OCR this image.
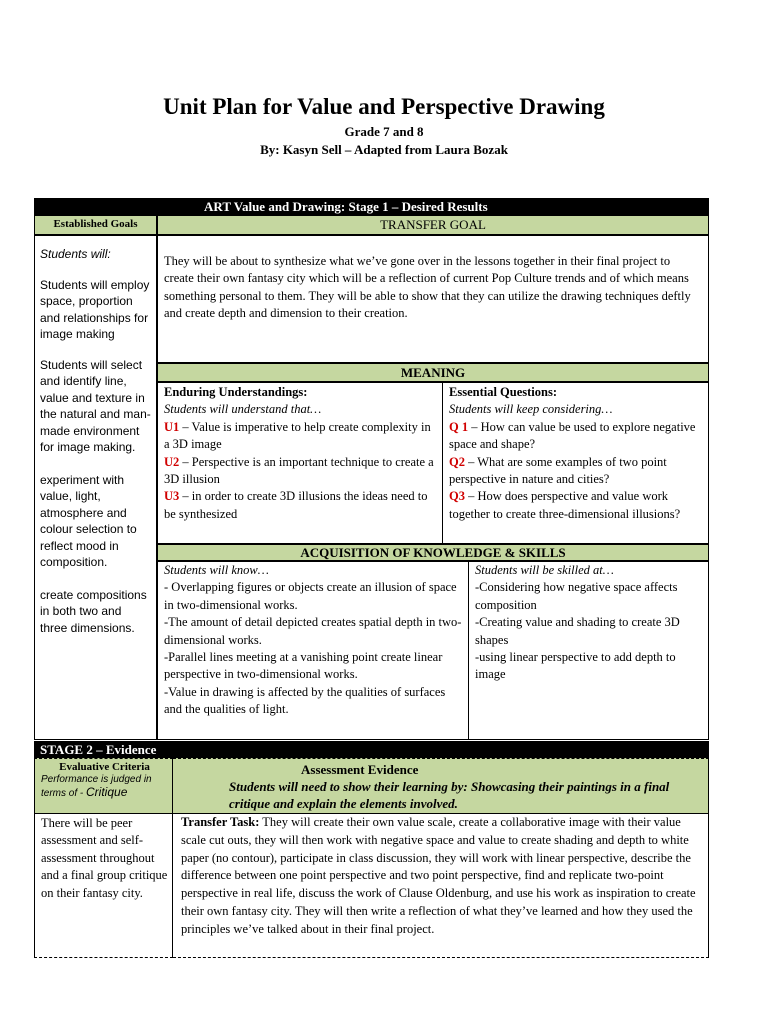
Unit Plan for Value and Perspective Drawing
Grade 7 and 8
By: Kasyn Sell – Adapted from Laura Bozak
ART Value and Drawing: Stage 1 – Desired Results
Established Goals

Students will:

Students will employ space, proportion and relationships for image making

Students will select and identify line, value and texture in the natural and man- made environment for image making.

experiment with value, light, atmosphere and colour selection to reflect mood in composition.

create compositions in both two and three dimensions.

TRANSFER GOAL

They will be about to synthesize what we’ve gone over in the lessons together in their final project to create their own fantasy city which will be a reflection of current Pop Culture trends and of which means something personal to them. They will be able to show that they can utilize the drawing techniques deftly and create depth and dimension to their creation.

MEANING

Enduring Understandings:

Students will understand that…

U1 – Value is imperative to help create complexity in a 3D image

U2 – Perspective is an important technique to create a 3D illusion

U3 – in order to create 3D illusions the ideas need to be synthesized

Essential Questions:

Students will keep considering…

Q 1 – How can value be used to explore negative space and shape?

Q2 – What are some examples of two point perspective in nature and cities?

Q3 – How does perspective and value work together to create three-dimensional illusions?

ACQUISITION OF KNOWLEDGE & SKILLS

Students will know…

- Overlapping figures or objects create an illusion of space in two-dimensional works.

-The amount of detail depicted creates spatial depth in two-dimensional works.

-Parallel lines meeting at a vanishing point create linear perspective in two-dimensional works.

-Value in drawing is affected by the qualities of surfaces and the qualities of light.

Students will be skilled at…

-Considering how negative space affects composition

-Creating value and shading to create 3D shapes

-using linear perspective to add depth to image

STAGE 2 – Evidence

Evaluative Criteria

Performance is judged in terms of - Critique

Assessment Evidence

Students will need to show their learning by: Showcasing their paintings in a final critique and explain the elements involved.

There will be peer assessment and self-assessment throughout and a final group critique on their fantasy city.

Transfer Task: They will create their own value scale, create a collaborative image with their value scale cut outs, they will then work with negative space and value to create shading and depth to white paper (no contour), participate in class discussion, they will work with linear perspective, describe the difference between one point perspective and two point perspective, find and replicate two-point perspective in real life, discuss the work of Clause Oldenburg, and use his work as inspiration to create their own fantasy city. They will then write a reflection of what they’ve learned and how they used the principles we’ve talked about in their final project.
